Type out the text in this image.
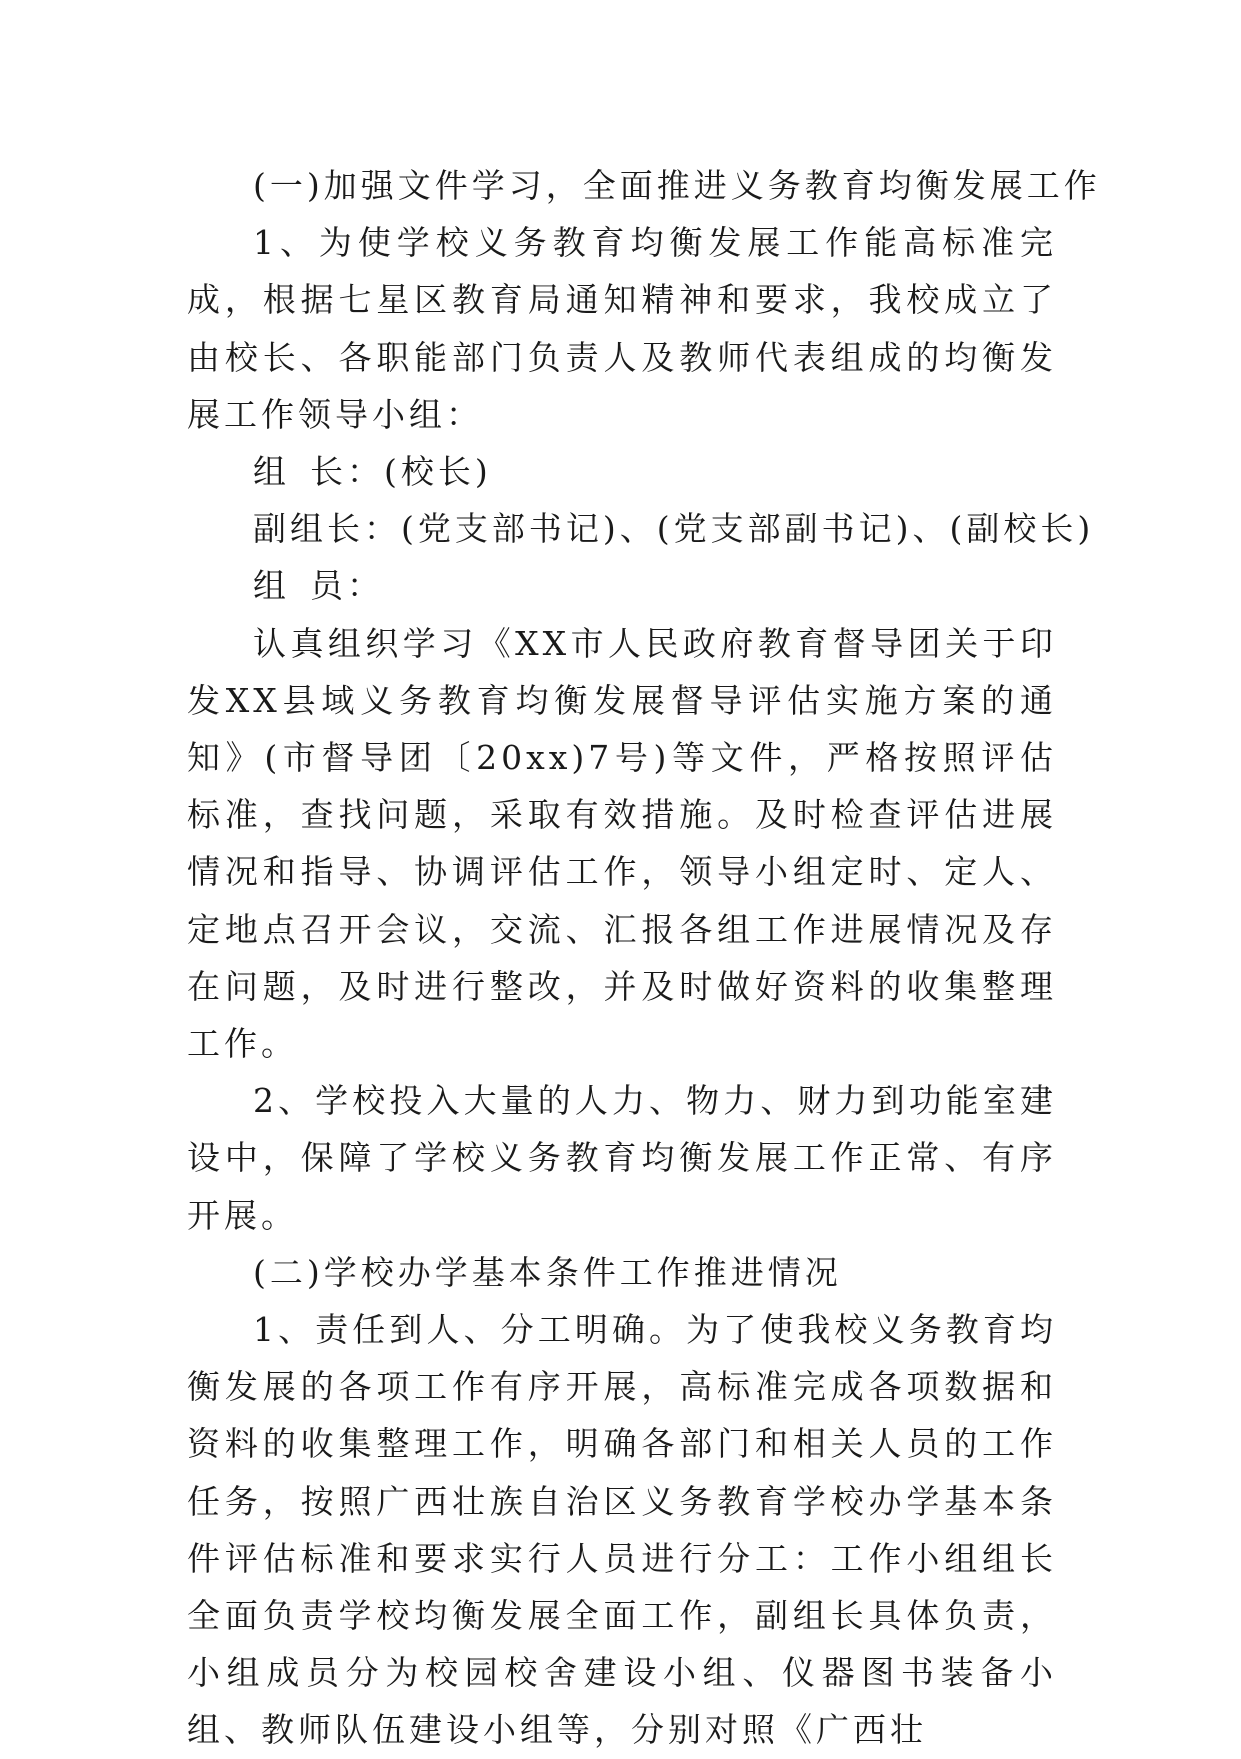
(一)加强文件学习，全面推进义务教育均衡发展工作

1、为使学校义务教育均衡发展工作能高标准完成，根据七星区教育局通知精神和要求，我校成立了由校长、各职能部门负责人及教师代表组成的均衡发展工作领导小组：

组 长：(校长)

副组长：(党支部书记)、(党支部副书记)、(副校长)

组 员：

认真组织学习《XX市人民政府教育督导团关于印发XX县域义务教育均衡发展督导评估实施方案的通知》(市督导团〔20xx)7号)等文件，严格按照评估标准，查找问题，采取有效措施。及时检查评估进展情况和指导、协调评估工作，领导小组定时、定人、定地点召开会议，交流、汇报各组工作进展情况及存在问题，及时进行整改，并及时做好资料的收集整理工作。

2、学校投入大量的人力、物力、财力到功能室建设中，保障了学校义务教育均衡发展工作正常、有序开展。

(二)学校办学基本条件工作推进情况

1、责任到人、分工明确。为了使我校义务教育均衡发展的各项工作有序开展，高标准完成各项数据和资料的收集整理工作，明确各部门和相关人员的工作任务，按照广西壮族自治区义务教育学校办学基本条件评估标准和要求实行人员进行分工：工作小组组长全面负责学校均衡发展全面工作，副组长具体负责，小组成员分为校园校舍建设小组、仪器图书装备小组、教师队伍建设小组等，分别对照《广西壮
